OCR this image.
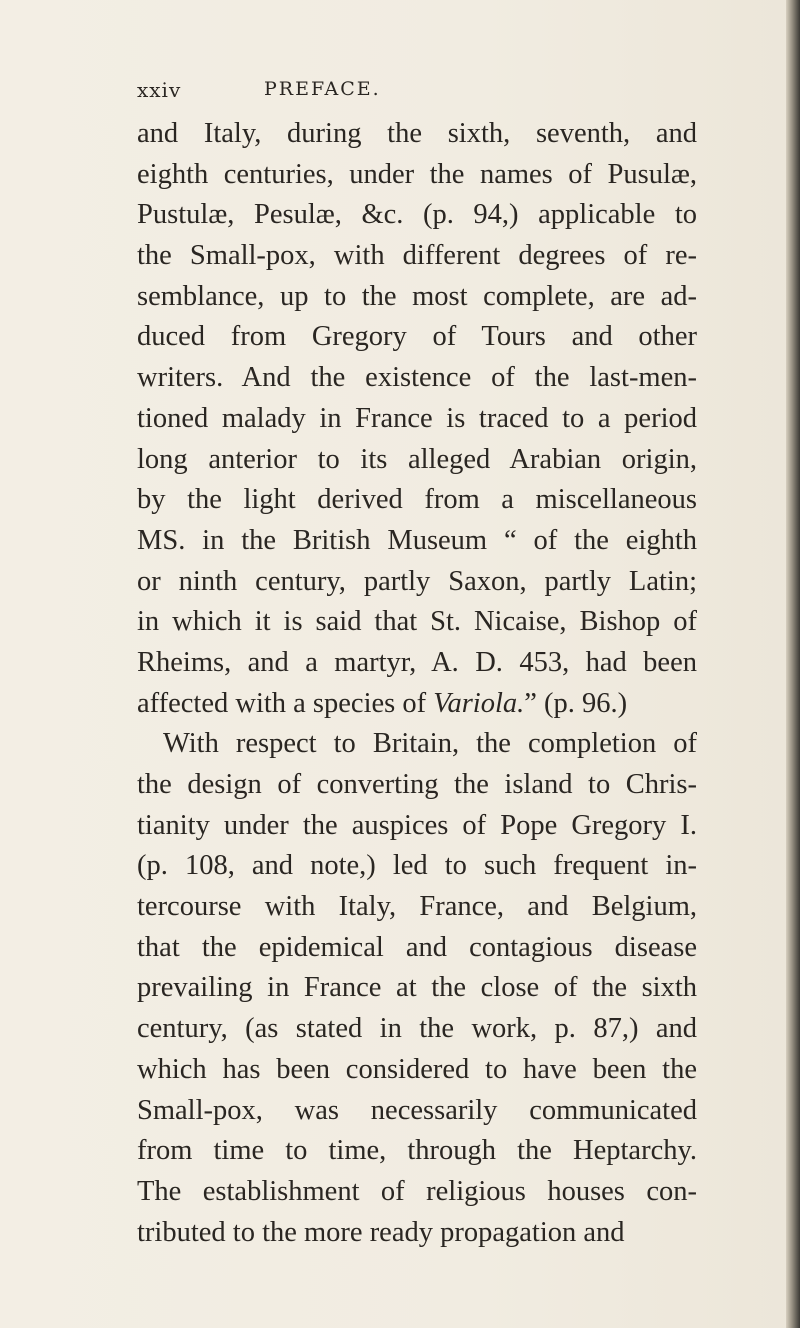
xxiv	PREFACE.
and Italy, during the sixth, seventh, and
eighth centuries, under the names of Pusulæ,
Pustulæ, Pesulæ, &c. (p. 94,) applicable to
the Small-pox, with different degrees of re-
semblance, up to the most complete, are ad-
duced from Gregory of Tours and other
writers. And the existence of the last-men-
tioned malady in France is traced to a period
long anterior to its alleged Arabian origin,
by the light derived from a miscellaneous
MS. in the British Museum “ of the eighth
or ninth century, partly Saxon, partly Latin;
in which it is said that St. Nicaise, Bishop of
Rheims, and a martyr, A. D. 453, had been
affected with a species of Variola.” (p. 96.)
With respect to Britain, the completion of
the design of converting the island to Chris-
tianity under the auspices of Pope Gregory I.
(p. 108, and note,) led to such frequent in-
tercourse with Italy, France, and Belgium,
that the epidemical and contagious disease
prevailing in France at the close of the sixth
century, (as stated in the work, p. 87,) and
which has been considered to have been the
Small-pox, was necessarily communicated
from time to time, through the Heptarchy.
The establishment of religious houses con-
tributed to the more ready propagation and
